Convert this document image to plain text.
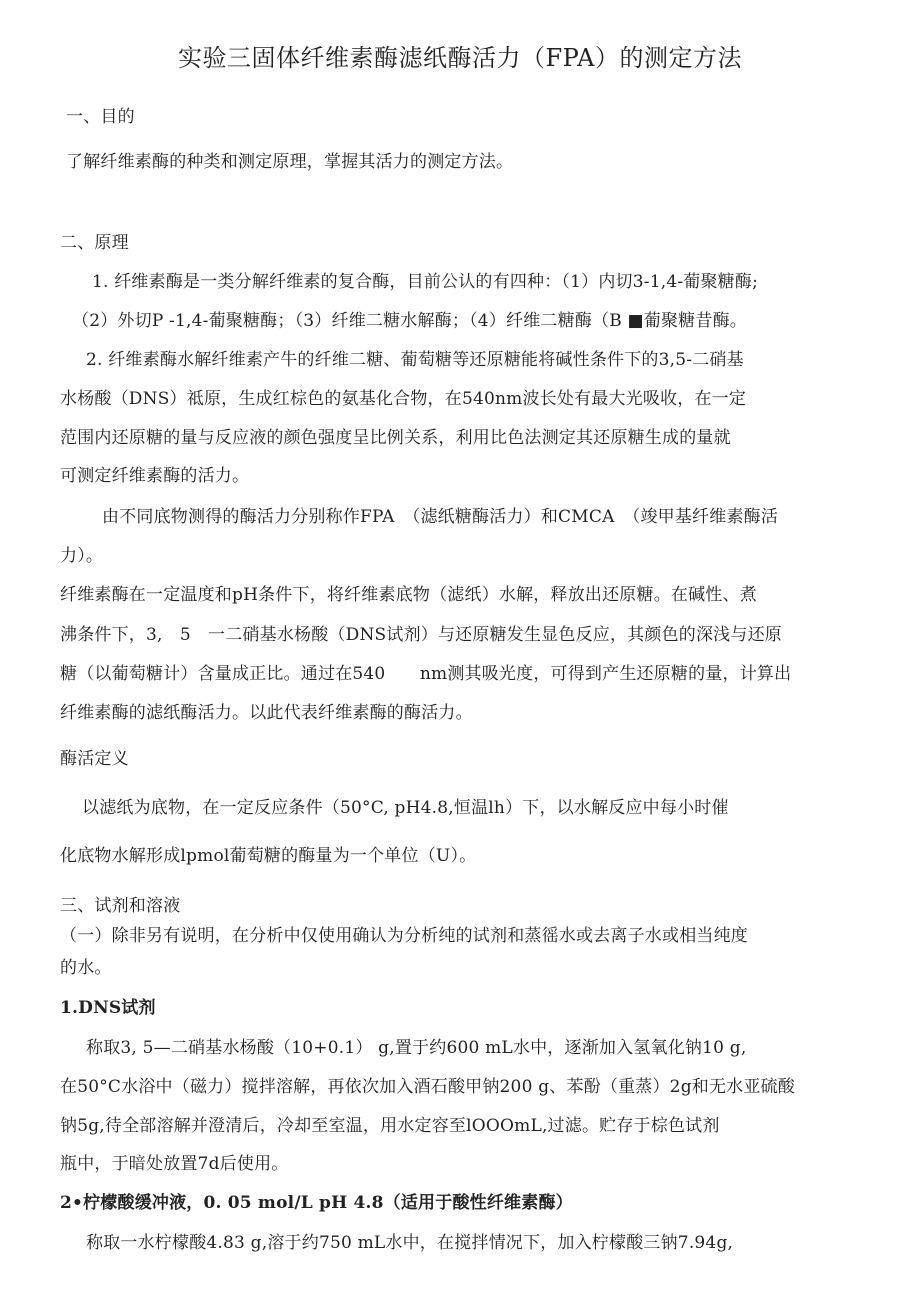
实验三固体纤维素酶滤纸酶活力（FPA）的测定方法
一、目的
了解纤维素酶的种类和测定原理，掌握其活力的测定方法。
二、原理
1. 纤维素酶是一类分解纤维素的复合酶，目前公认的有四种：（1）内切3-1,4-葡聚糖酶;
（2）外切P -1,4-葡聚糖酶；（3）纤维二糖水解酶；（4）纤维二糖酶（B ■葡聚糖昔酶。
2. 纤维素酶水解纤维素产牛的纤维二糖、葡萄糖等还原糖能将碱性条件下的3,5-二硝基
水杨酸（DNS）祗原，生成红棕色的氨基化合物，在540nm波长处有最大光吸收，在一定
范围内还原糖的量与反应液的颜色强度呈比例关系，利用比色法测定其还原糖生成的量就
可测定纤维素酶的活力。
由不同底物测得的酶活力分别称作FPA　（滤纸糖酶活力）和CMCA　（竣甲基纤维素酶活
力）。
纤维素酶在一定温度和pH条件下，将纤维素底物（滤纸）水解，释放出还原糖。在碱性、煮
沸条件下，3,　5　一二硝基水杨酸（DNS试剂）与还原糖发生显色反应，其颜色的深浅与还原
糖（以葡萄糖计）含量成正比。通过在540　　nm测其吸光度，可得到产生还原糖的量，计算出
纤维素酶的滤纸酶活力。以此代表纤维素酶的酶活力。
酶活定义
以滤纸为底物，在一定反应条件（50°C, pH4.8,恒温lh）下，以水解反应中每小时催
化底物水解形成lpmol葡萄糖的酶量为一个单位（U）。
三、试剂和溶液
（一）除非另有说明，在分析中仅使用确认为分析纯的试剂和蒸徭水或去离子水或相当纯度
的水。
1.DNS试剂
称取3, 5—二硝基水杨酸（10+0.1） g,置于约600 mL水中，逐渐加入氢氧化钠10 g,
在50°C水浴中（磁力）搅拌溶解，再依次加入酒石酸甲钠200 g、苯酚（重蒸）2g和无水亚硫酸
钠5g,待全部溶解并澄清后，冷却至室温，用水定容至lOOOmL,过滤。贮存于棕色试剂
瓶中，于暗处放置7d后使用。
2•柠檬酸缓冲液，0. 05 mol/L pH 4.8（适用于酸性纤维素酶）
称取一水柠檬酸4.83 g,溶于约750 mL水中，在搅拌情况下，加入柠檬酸三钠7.94g,
